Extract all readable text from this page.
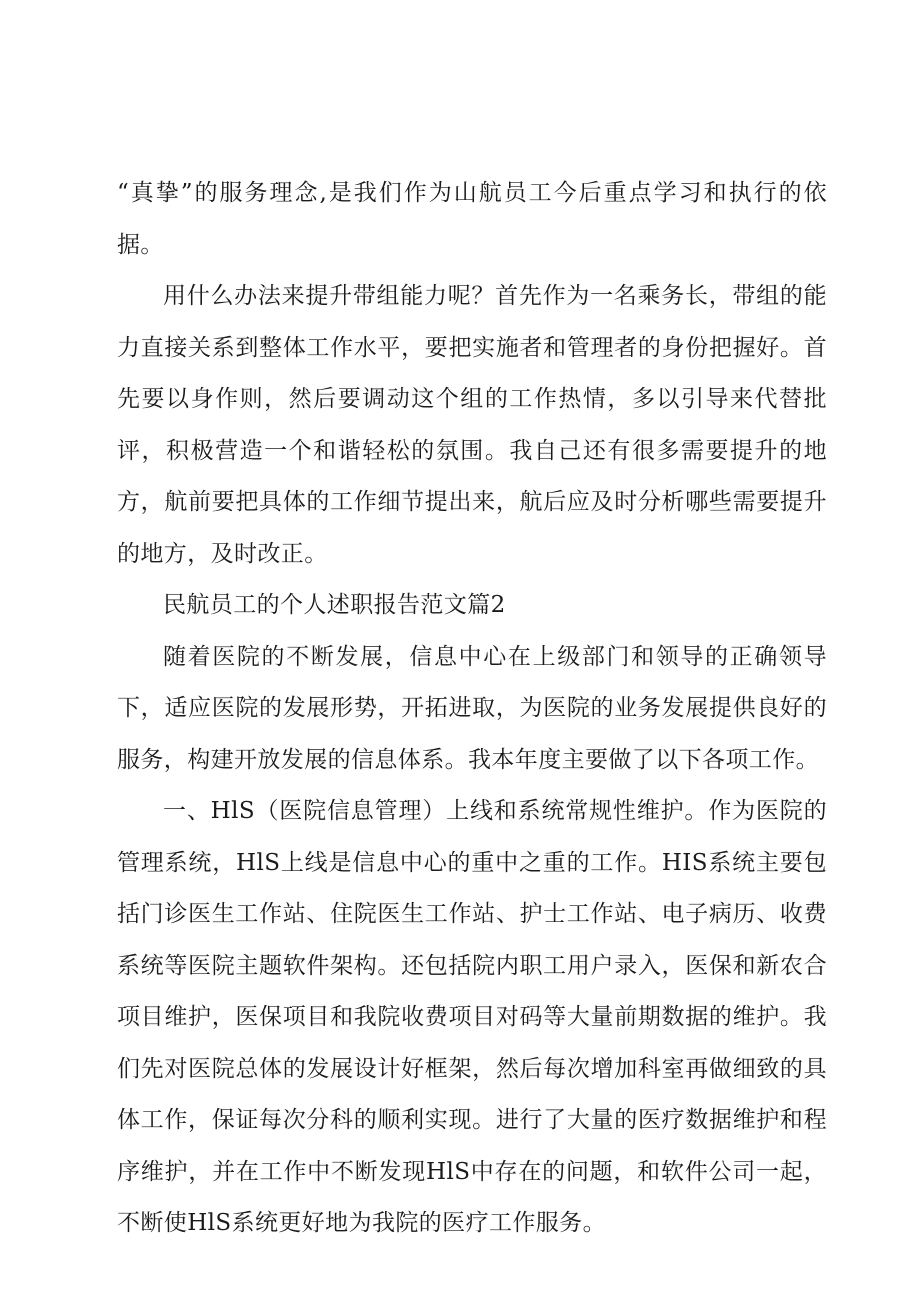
“真挚”的服务理念,是我们作为山航员工今后重点学习和执行的依据。

用什么办法来提升带组能力呢？首先作为一名乘务长，带组的能力直接关系到整体工作水平，要把实施者和管理者的身份把握好。首先要以身作则，然后要调动这个组的工作热情，多以引导来代替批评，积极营造一个和谐轻松的氛围。我自己还有很多需要提升的地方，航前要把具体的工作细节提出来，航后应及时分析哪些需要提升的地方，及时改正。

民航员工的个人述职报告范文篇2

随着医院的不断发展，信息中心在上级部门和领导的正确领导下，适应医院的发展形势，开拓进取，为医院的业务发展提供良好的服务，构建开放发展的信息体系。我本年度主要做了以下各项工作。

一、HlS（医院信息管理）上线和系统常规性维护。作为医院的管理系统，HlS上线是信息中心的重中之重的工作。HIS系统主要包括门诊医生工作站、住院医生工作站、护士工作站、电子病历、收费系统等医院主题软件架构。还包括院内职工用户录入，医保和新农合项目维护，医保项目和我院收费项目对码等大量前期数据的维护。我们先对医院总体的发展设计好框架，然后每次增加科室再做细致的具体工作，保证每次分科的顺利实现。进行了大量的医疗数据维护和程序维护，并在工作中不断发现HlS中存在的问题，和软件公司一起，不断使HlS系统更好地为我院的医疗工作服务。
